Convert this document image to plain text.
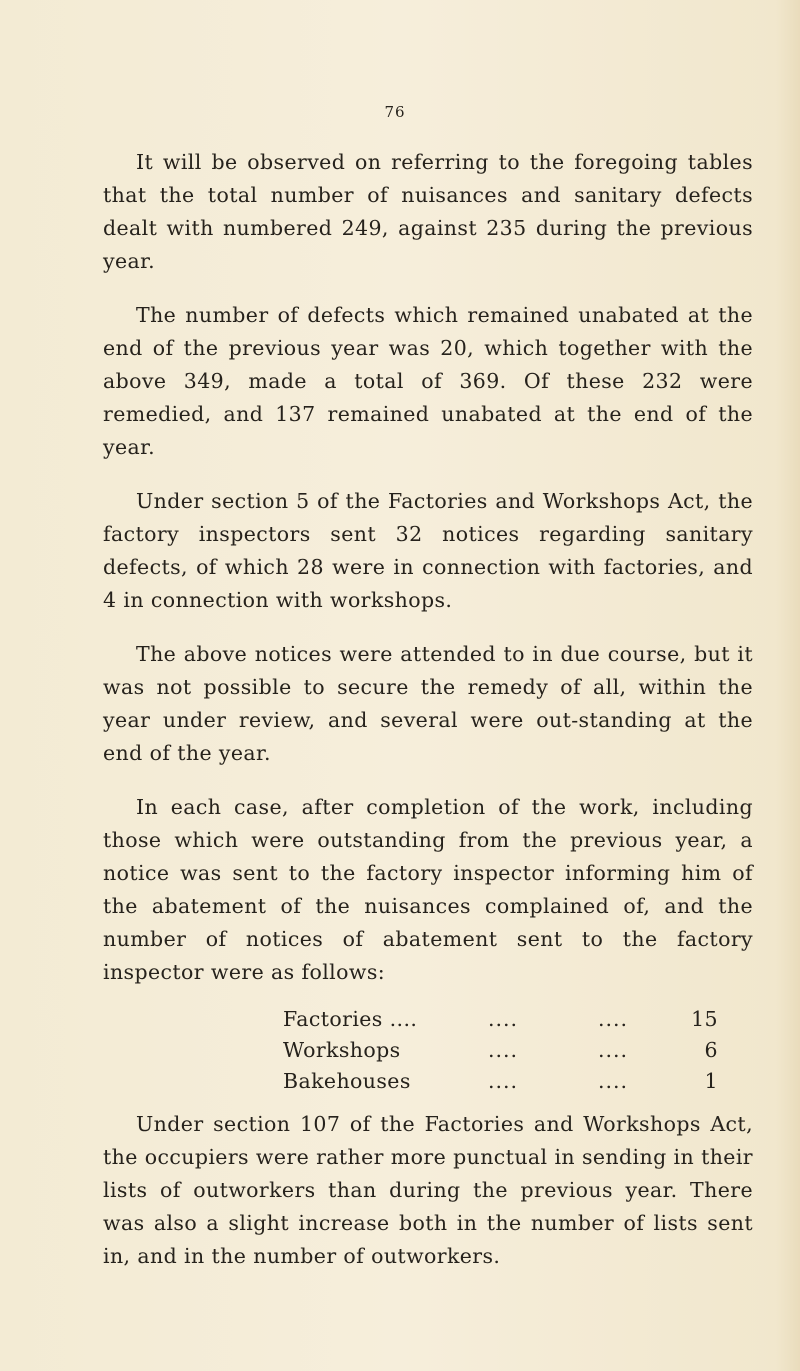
76

It will be observed on referring to the foregoing tables that the total number of nuisances and sanitary defects dealt with numbered 249, against 235 during the previous year.

The number of defects which remained unabated at the end of the previous year was 20, which together with the above 349, made a total of 369. Of these 232 were remedied, and 137 remained unabated at the end of the year.

Under section 5 of the Factories and Workshops Act, the factory inspectors sent 32 notices regarding sanitary defects, of which 28 were in connection with factories, and 4 in connection with workshops.

The above notices were attended to in due course, but it was not possible to secure the remedy of all, within the year under review, and several were out-standing at the end of the year.

In each case, after completion of the work, including those which were outstanding from the previous year, a notice was sent to the factory inspector informing him of the abatement of the nuisances complained of, and the number of notices of abatement sent to the factory inspector were as follows:

Factories ....	....	....	15
Workshops	....	....	6
Bakehouses	....	....	1

Under section 107 of the Factories and Workshops Act, the occupiers were rather more punctual in sending in their lists of outworkers than during the previous year. There was also a slight increase both in the number of lists sent in, and in the number of outworkers.
